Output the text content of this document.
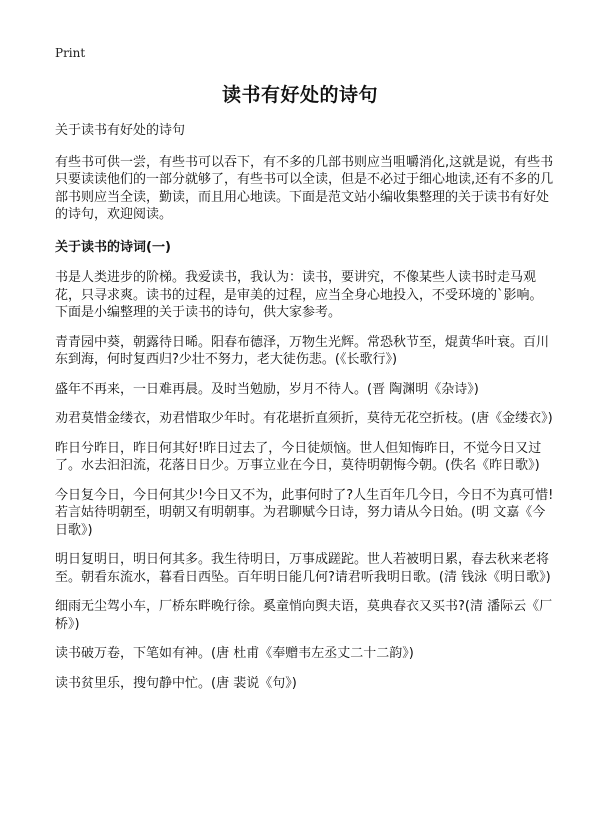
Print
读书有好处的诗句

关于读书有好处的诗句

有些书可供一尝，有些书可以吞下，有不多的几部书则应当咀嚼消化,这就是说，有些书只要读读他们的一部分就够了，有些书可以全读，但是不必过于细心地读,还有不多的几部书则应当全读，勤读，而且用心地读。下面是范文站小编收集整理的关于读书有好处的诗句，欢迎阅读。

关于读书的诗词(一)

书是人类进步的阶梯。我爱读书，我认为：读书，要讲究，不像某些人读书时走马观花，只寻求爽。读书的过程，是审美的过程，应当全身心地投入，不受环境的`影响。下面是小编整理的关于读书的诗句，供大家参考。

青青园中葵，朝露待日晞。阳春布德泽，万物生光辉。常恐秋节至，焜黄华叶衰。百川东到海，何时复西归?少壮不努力，老大徒伤悲。(《长歌行》)

盛年不再来，一日难再晨。及时当勉励，岁月不待人。(晋 陶渊明《杂诗》)

劝君莫惜金缕衣，劝君惜取少年时。有花堪折直须折，莫待无花空折枝。(唐《金缕衣》)

昨日兮昨日，昨日何其好!昨日过去了，今日徒烦恼。世人但知悔昨日，不觉今日又过了。水去汩汩流，花落日日少。万事立业在今日，莫待明朝悔今朝。(佚名《昨日歌》)

今日复今日，今日何其少!今日又不为，此事何时了?人生百年几今日，今日不为真可惜!若言姑待明朝至，明朝又有明朝事。为君聊赋今日诗，努力请从今日始。(明 文嘉《今日歌》)

明日复明日，明日何其多。我生待明日，万事成蹉跎。世人若被明日累，春去秋来老将至。朝看东流水，暮看日西坠。百年明日能几何?请君听我明日歌。(清 钱泳《明日歌》)

细雨无尘驾小车，厂桥东畔晚行徐。奚童悄向舆夫语，莫典春衣又买书?(清 潘际云《厂桥》)

读书破万卷，下笔如有神。(唐 杜甫《奉赠韦左丞丈二十二韵》)

读书贫里乐，搜句静中忙。(唐 裴说《句》)
